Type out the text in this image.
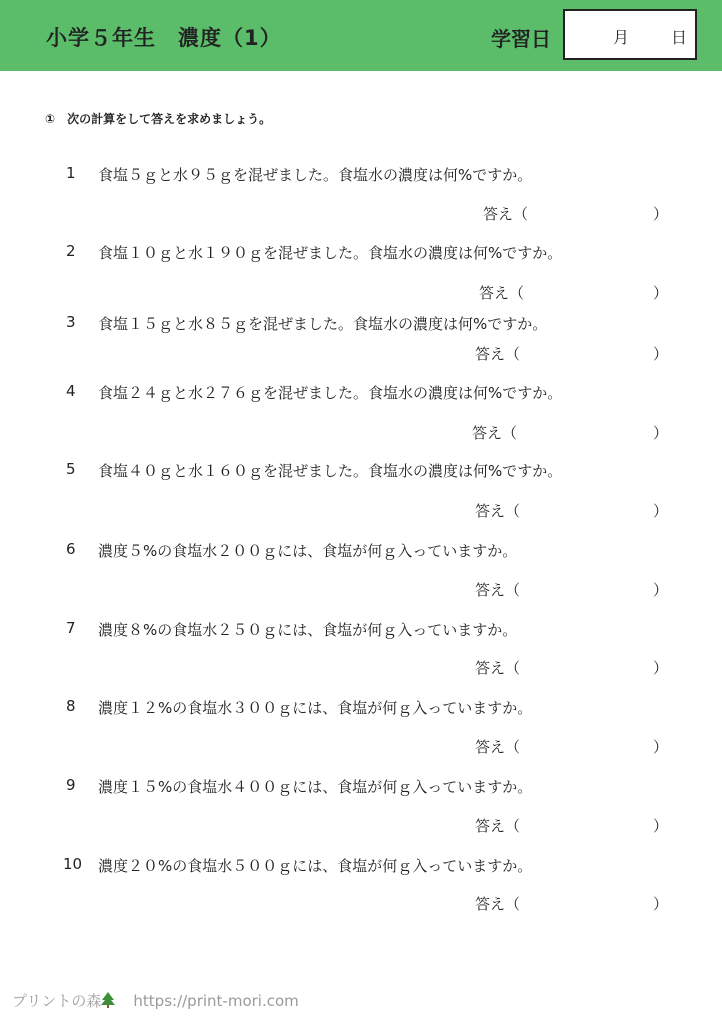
小学５年生　濃度（1）	学習日	月	日
①　次の計算をして答えを求めましょう。
1 食塩５ｇと水９５ｇを混ぜました。食塩水の濃度は何%ですか。
答え（	）
2 食塩１０ｇと水１９０ｇを混ぜました。食塩水の濃度は何%ですか。
答え（	）
3 食塩１５ｇと水８５ｇを混ぜました。食塩水の濃度は何%ですか。
答え（	）
4 食塩２４ｇと水２７６ｇを混ぜました。食塩水の濃度は何%ですか。
答え（	）
5 食塩４０ｇと水１６０ｇを混ぜました。食塩水の濃度は何%ですか。
答え（	）
6 濃度５%の食塩水２００ｇには、食塩が何ｇ入っていますか。
答え（	）
7 濃度８%の食塩水２５０ｇには、食塩が何ｇ入っていますか。
答え（	）
8 濃度１２%の食塩水３００ｇには、食塩が何ｇ入っていますか。
答え（	）
9 濃度１５%の食塩水４００ｇには、食塩が何ｇ入っていますか。
答え（	）
10 濃度２０%の食塩水５００ｇには、食塩が何ｇ入っていますか。
答え（	）
プリントの森 https://print-mori.com
